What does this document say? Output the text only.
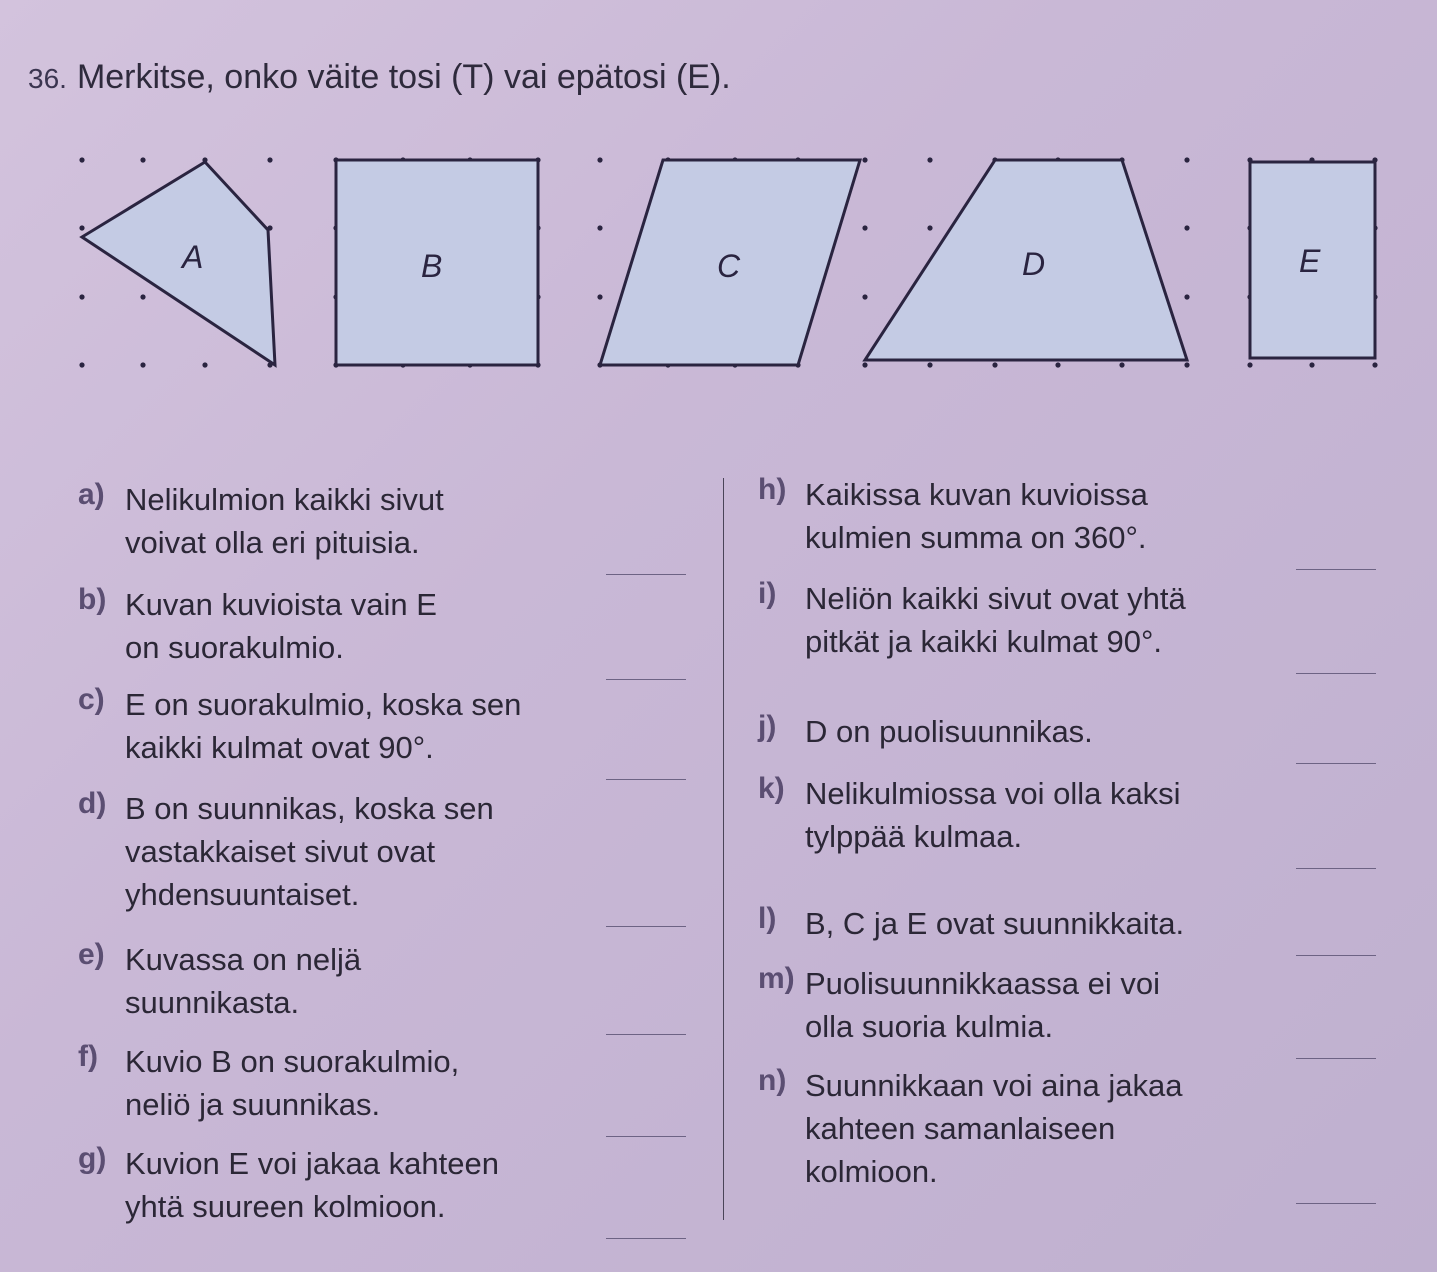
36. Merkitse, onko väite tosi (T) vai epätosi (E).
A	B	C	D	E
a) Nelikulmion kaikki sivut
voivat olla eri pituisia.
b) Kuvan kuvioista vain E
on suorakulmio.
c) E on suorakulmio, koska sen
kaikki kulmat ovat 90°.
d) B on suunnikas, koska sen
vastakkaiset sivut ovat
yhdensuuntaiset.
e) Kuvassa on neljä
suunnikasta.
f) Kuvio B on suorakulmio,
neliö ja suunnikas.
g) Kuvion E voi jakaa kahteen
yhtä suureen kolmioon.
h) Kaikissa kuvan kuvioissa
kulmien summa on 360°.
i) Neliön kaikki sivut ovat yhtä
pitkät ja kaikki kulmat 90°.
j) D on puolisuunnikas.
k) Nelikulmiossa voi olla kaksi
tylppää kulmaa.
l) B, C ja E ovat suunnikkaita.
m) Puolisuunnikkaassa ei voi
olla suoria kulmia.
n) Suunnikkaan voi aina jakaa
kahteen samanlaiseen
kolmioon.
